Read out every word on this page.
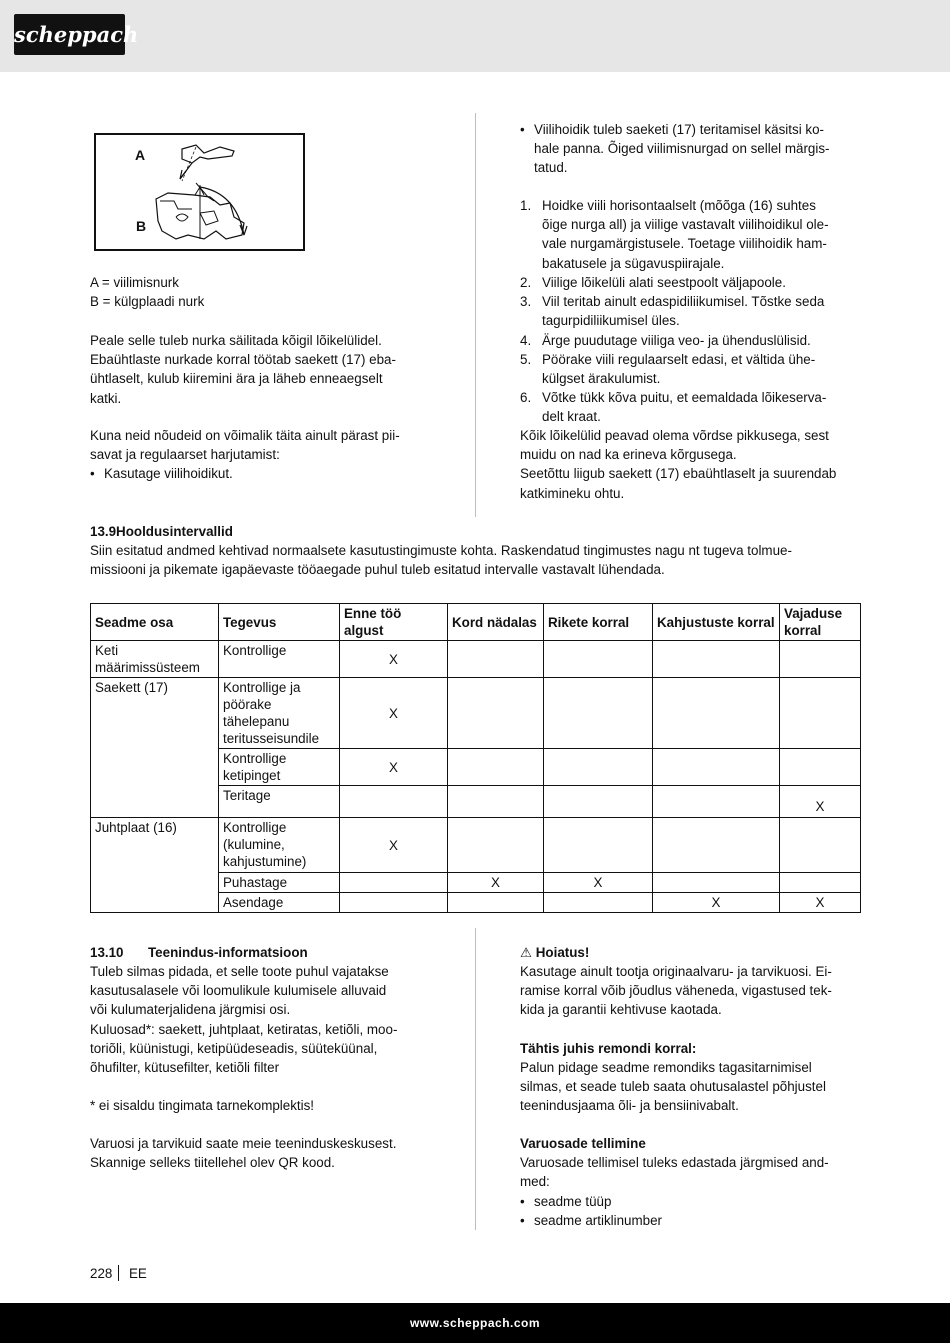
scheppach
A
B
A = viilimisnurk
B = külgplaadi nurk
Peale selle tuleb nurka säilitada kõigil lõikelülidel.
Ebaühtlaste nurkade korral töötab saekett (17) eba-
ühtlaselt, kulub kiiremini ära ja läheb enneaegselt
katki.
Kuna neid nõudeid on võimalik täita ainult pärast pii-
savat ja regulaarset harjutamist:
• Kasutage viilihoidikut.
• Viilihoidik tuleb saeketi (17) teritamisel käsitsi ko-
hale panna. Õiged viilimisnurgad on sellel märgis-
tatud.
1. Hoidke viili horisontaalselt (mõõga (16) suhtes
õige nurga all) ja viilige vastavalt viilihoidikul ole-
vale nurgamärgistusele. Toetage viilihoidik ham-
bakatusele ja sügavuspiirajale.
2. Viilige lõikelüli alati seestpoolt väljapoole.
3. Viil teritab ainult edaspidiliikumisel. Tõstke seda
tagurpidiliikumisel üles.
4. Ärge puudutage viiliga veo- ja ühenduslülisid.
5. Pöörake viili regulaarselt edasi, et vältida ühe-
külgset ärakulumist.
6. Võtke tükk kõva puitu, et eemaldada lõikeserva-
delt kraat.
Kõik lõikelülid peavad olema võrdse pikkusega, sest
muidu on nad ka erineva kõrgusega.
Seetõttu liigub saekett (17) ebaühtlaselt ja suurendab
katkimineku ohtu.
13.9Hooldusintervallid
Siin esitatud andmed kehtivad normaalsete kasutustingimuste kohta. Raskendatud tingimustes nagu nt tugeva tolmue-
missiooni ja pikemate igapäevaste tööaegade puhul tuleb esitatud intervalle vastavalt lühendada.
Seadme osa	Tegevus	Enne töö algust	Kord nädalas	Rikete korral	Kahjustuste korral	Vajaduse korral
Keti määrimissüsteem	Kontrollige	X				
Saekett (17)	Kontrollige ja pöörake tähelepanu teritusseisundile	X				
	Kontrollige ketipinget	X				
	Teritage					X
Juhtplaat (16)	Kontrollige (kulumine, kahjustumine)	X				
	Puhastage		X	X		
	Asendage				X	X
13.10 Teenindus-informatsioon
Tuleb silmas pidada, et selle toote puhul vajatakse
kasutusalasele või loomulikule kulumisele alluvaid
või kulumaterjalidena järgmisi osi.
Kuluosad*: saekett, juhtplaat, ketiratas, ketiõli, moo-
toriõli, küünistugi, ketipüüdeseadis, süüteküünal,
õhufilter, kütusefilter, ketiõli filter
* ei sisaldu tingimata tarnekomplektis!
Varuosi ja tarvikuid saate meie teeninduskeskusest.
Skannige selleks tiitellehel olev QR kood.
⚠ Hoiatus!
Kasutage ainult tootja originaalvaru- ja tarvikuosi. Ei-
ramise korral võib jõudlus väheneda, vigastused tek-
kida ja garantii kehtivuse kaotada.
Tähtis juhis remondi korral:
Palun pidage seadme remondiks tagasitarnimisel
silmas, et seade tuleb saata ohutusalastel põhjustel
teenindusjaama õli- ja bensiinivabalt.
Varuosade tellimine
Varuosade tellimisel tuleks edastada järgmised and-
med:
• seadme tüüp
• seadme artiklinumber
228 EE
www.scheppach.com
